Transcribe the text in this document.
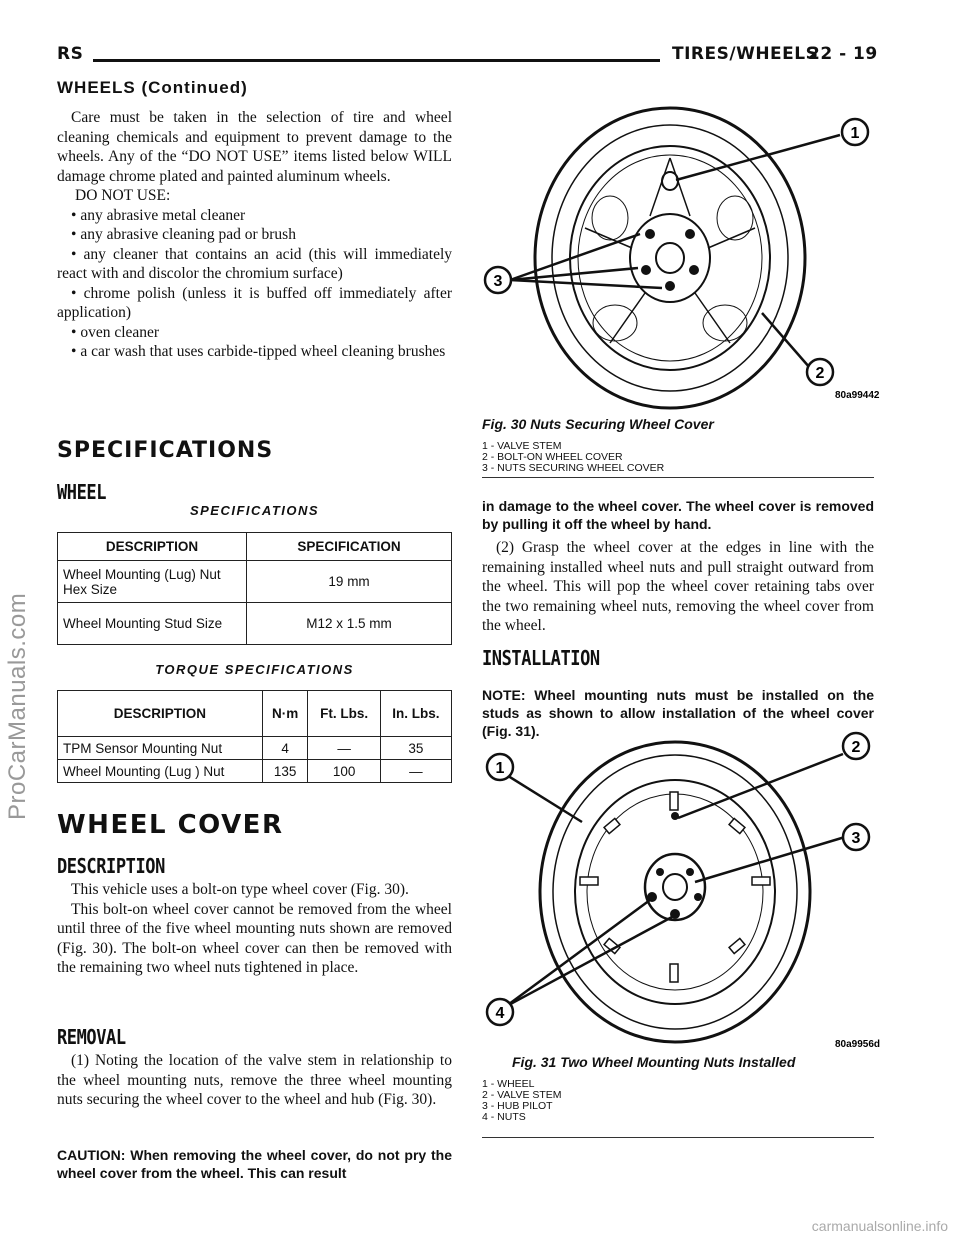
RS	TIRES/WHEELS
22 - 19
WHEELS (Continued)

Care must be taken in the selection of tire and wheel cleaning chemicals and equipment to prevent damage to the wheels. Any of the “DO NOT USE” items listed below WILL damage chrome plated and painted aluminum wheels.

DO NOT USE:

• any abrasive metal cleaner

• any abrasive cleaning pad or brush

• any cleaner that contains an acid (this will immediately react with and discolor the chromium surface)

• chrome polish (unless it is buffed off immediately after application)

• oven cleaner

• a car wash that uses carbide-tipped wheel cleaning brushes

SPECIFICATIONS
WHEEL
SPECIFICATIONS
DESCRIPTION	SPECIFICATION
Wheel Mounting (Lug) Nut Hex Size	19 mm
Wheel Mounting Stud Size	M12 x 1.5 mm
TORQUE SPECIFICATIONS
DESCRIPTION	N·m	Ft. Lbs.	In. Lbs.
TPM Sensor Mounting Nut	4	—	35
Wheel Mounting (Lug ) Nut	135	100	—
WHEEL COVER
DESCRIPTION

This vehicle uses a bolt-on type wheel cover (Fig. 30).

This bolt-on wheel cover cannot be removed from the wheel until three of the five wheel mounting nuts shown are removed (Fig. 30). The bolt-on wheel cover can then be removed with the remaining two wheel nuts tightened in place.

REMOVAL

(1) Noting the location of the valve stem in relationship to the wheel mounting nuts, remove the three wheel mounting nuts securing the wheel cover to the wheel and hub (Fig. 30).

CAUTION: When removing the wheel cover, do not pry the wheel cover from the wheel. This can result
1
3
2
80a99442
Fig. 30 Nuts Securing Wheel Cover
1 - VALVE STEM
2 - BOLT-ON WHEEL COVER
3 - NUTS SECURING WHEEL COVER
in damage to the wheel cover. The wheel cover is removed by pulling it off the wheel by hand.

(2) Grasp the wheel cover at the edges in line with the remaining installed wheel nuts and pull straight outward from the wheel. This will pop the wheel cover retaining tabs over the two remaining wheel nuts, removing the wheel cover from the wheel.

INSTALLATION
NOTE: Wheel mounting nuts must be installed on the studs as shown to allow installation of the wheel cover (Fig. 31).
1
2
3
4
80a9956d
Fig. 31 Two Wheel Mounting Nuts Installed
1 - WHEEL
2 - VALVE STEM
3 - HUB PILOT
4 - NUTS
ProCarManuals.com
carmanualsonline.info
